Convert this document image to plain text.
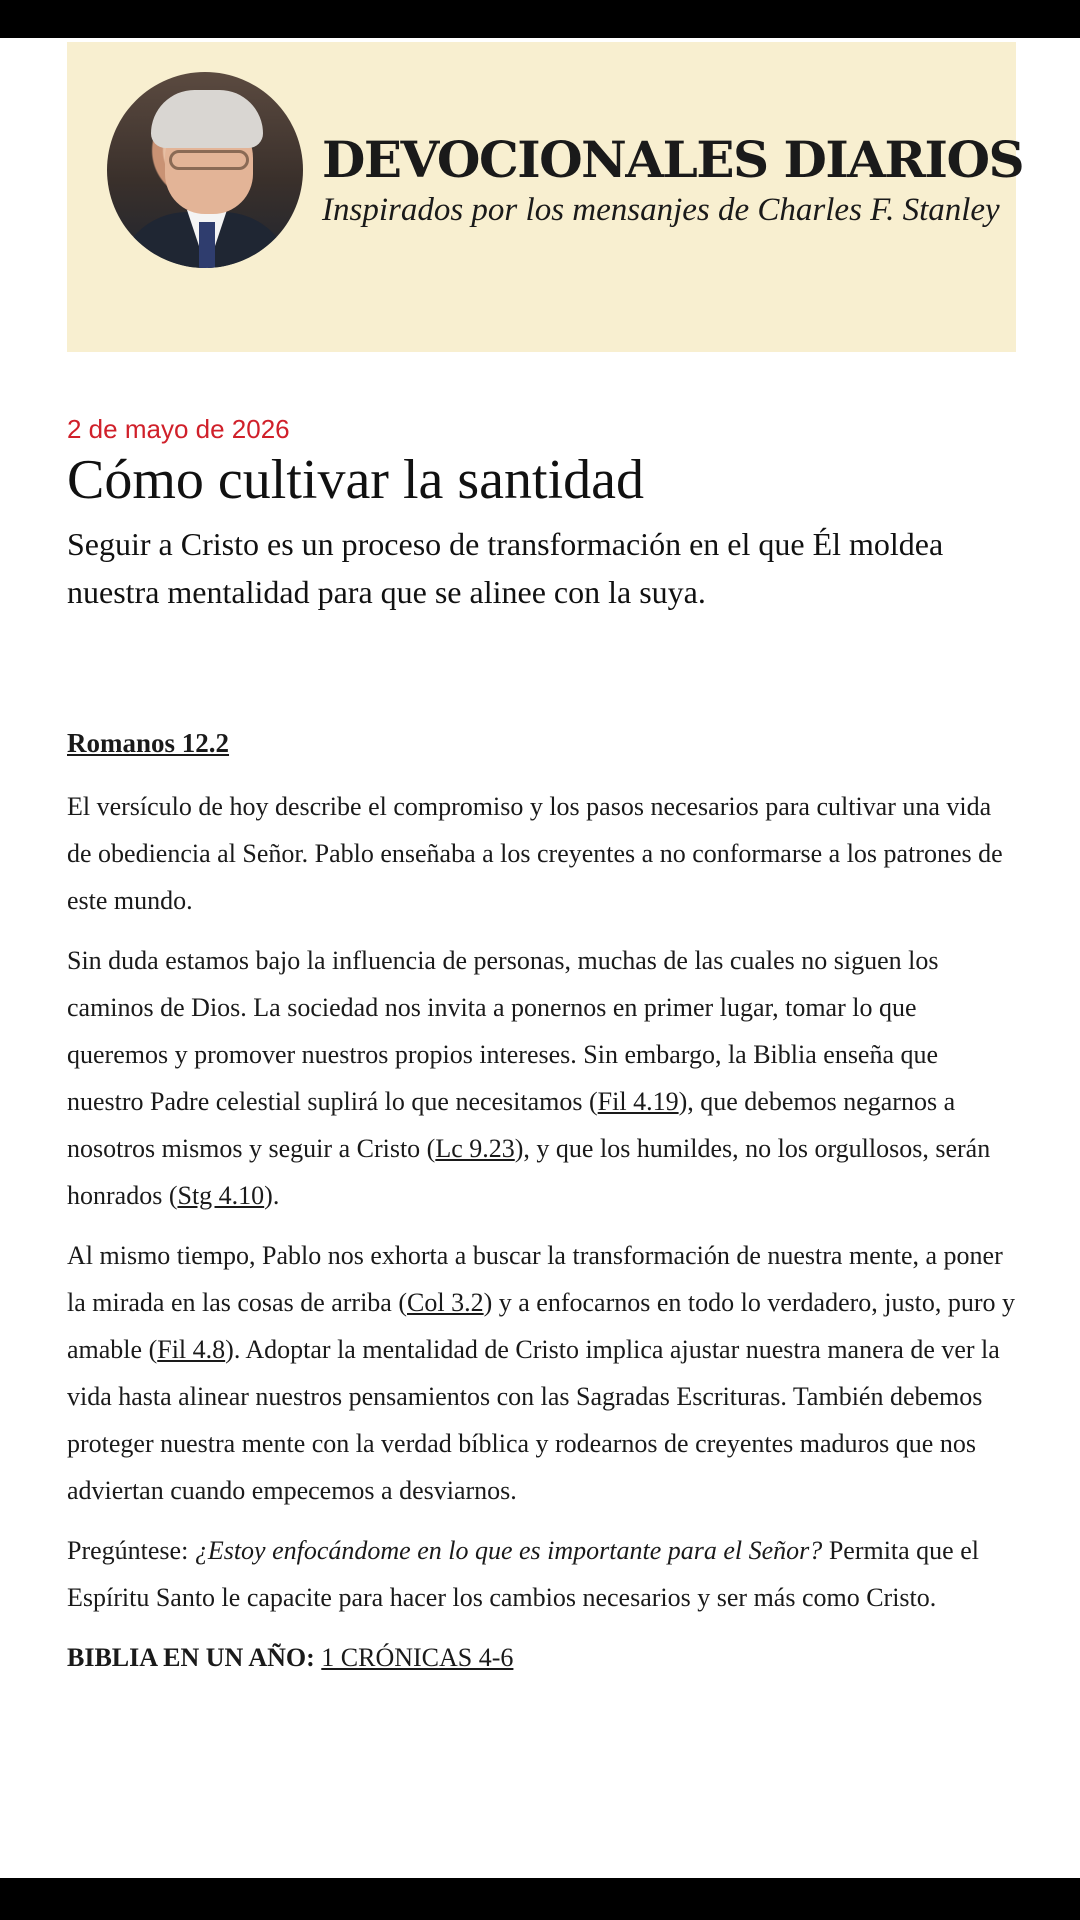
DEVOCIONALES DIARIOS

Inspirados por los mensanjes de Charles F. Stanley

2 de mayo de 2026

Cómo cultivar la santidad

Seguir a Cristo es un proceso de transformación en el que Él moldea nuestra mentalidad para que se alinee con la suya.

Romanos 12.2

El versículo de hoy describe el compromiso y los pasos necesarios para cultivar una vida de obediencia al Señor. Pablo enseñaba a los creyentes a no conformarse a los patrones de este mundo.

Sin duda estamos bajo la influencia de personas, muchas de las cuales no siguen los caminos de Dios. La sociedad nos invita a ponernos en primer lugar, tomar lo que queremos y promover nuestros propios intereses. Sin embargo, la Biblia enseña que nuestro Padre celestial suplirá lo que necesitamos (Fil 4.19), que debemos negarnos a nosotros mismos y seguir a Cristo (Lc 9.23), y que los humildes, no los orgullosos, serán honrados (Stg 4.10).

Al mismo tiempo, Pablo nos exhorta a buscar la transformación de nuestra mente, a poner la mirada en las cosas de arriba (Col 3.2) y a enfocarnos en todo lo verdadero, justo, puro y amable (Fil 4.8). Adoptar la mentalidad de Cristo implica ajustar nuestra manera de ver la vida hasta alinear nuestros pensamientos con las Sagradas Escrituras. También debemos proteger nuestra mente con la verdad bíblica y rodearnos de creyentes maduros que nos adviertan cuando empecemos a desviarnos.

Pregúntese: ¿Estoy enfocándome en lo que es importante para el Señor? Permita que el Espíritu Santo le capacite para hacer los cambios necesarios y ser más como Cristo.

BIBLIA EN UN AÑO: 1 CRÓNICAS 4-6
